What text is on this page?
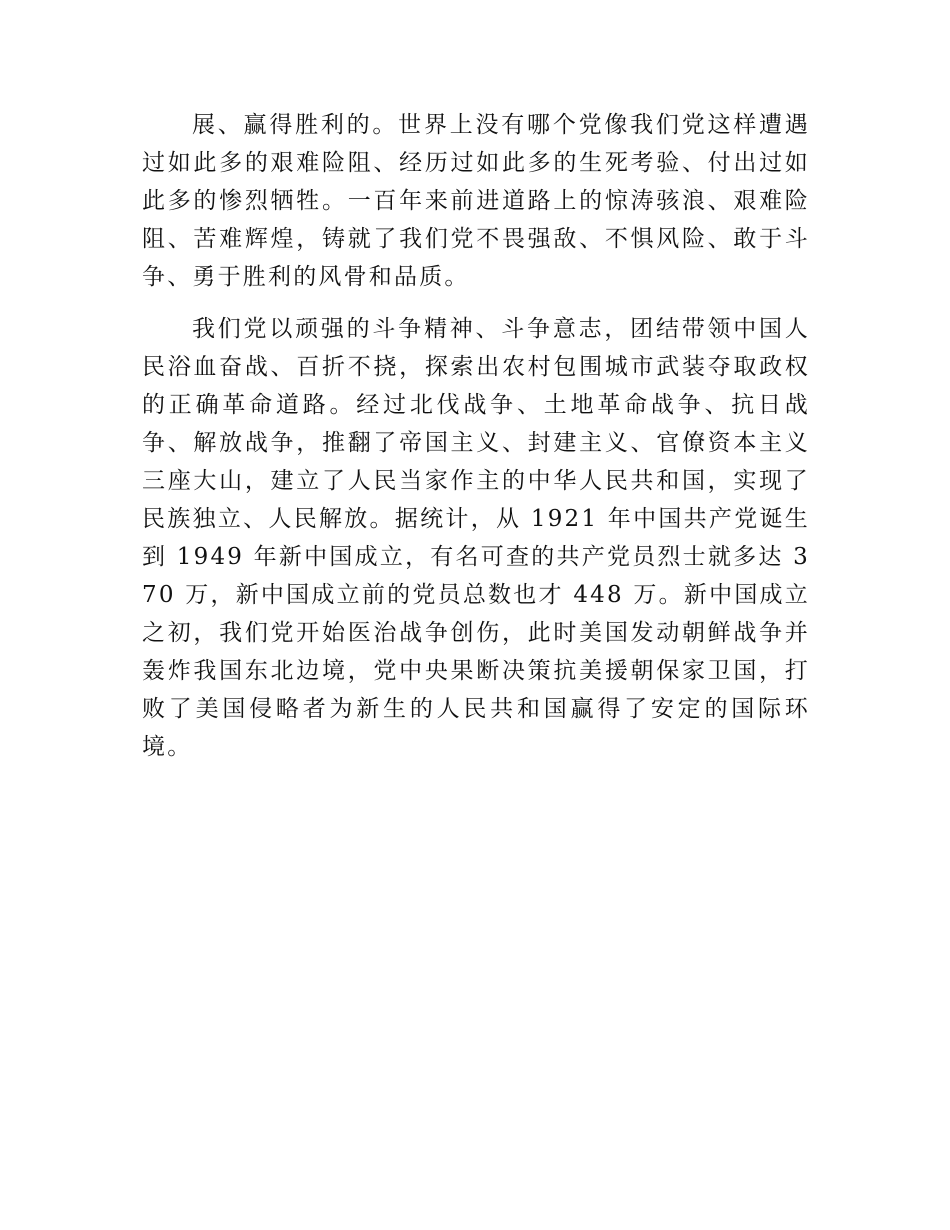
展、赢得胜利的。世界上没有哪个党像我们党这样遭遇过如此多的艰难险阻、经历过如此多的生死考验、付出过如此多的惨烈牺牲。一百年来前进道路上的惊涛骇浪、艰难险阻、苦难辉煌，铸就了我们党不畏强敌、不惧风险、敢于斗争、勇于胜利的风骨和品质。

我们党以顽强的斗争精神、斗争意志，团结带领中国人民浴血奋战、百折不挠，探索出农村包围城市武装夺取政权的正确革命道路。经过北伐战争、土地革命战争、抗日战争、解放战争，推翻了帝国主义、封建主义、官僚资本主义三座大山，建立了人民当家作主的中华人民共和国，实现了民族独立、人民解放。据统计，从 1921 年中国共产党诞生到 1949 年新中国成立，有名可查的共产党员烈士就多达 370 万，新中国成立前的党员总数也才 448 万。新中国成立之初，我们党开始医治战争创伤，此时美国发动朝鲜战争并轰炸我国东北边境，党中央果断决策抗美援朝保家卫国，打败了美国侵略者为新生的人民共和国赢得了安定的国际环境。
